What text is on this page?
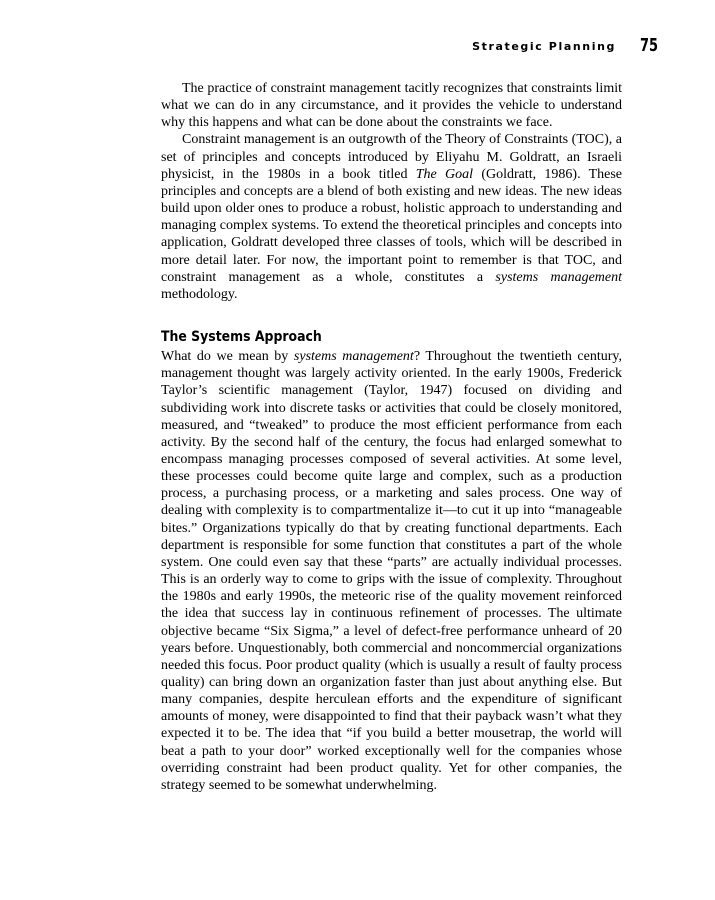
Strategic Planning 75

The practice of constraint management tacitly recognizes that constraints limit what we can do in any circumstance, and it provides the vehicle to understand why this happens and what can be done about the constraints we face.

Constraint management is an outgrowth of the Theory of Constraints (TOC), a set of principles and concepts introduced by Eliyahu M. Goldratt, an Israeli physicist, in the 1980s in a book titled The Goal (Goldratt, 1986). These principles and concepts are a blend of both existing and new ideas. The new ideas build upon older ones to produce a robust, holistic approach to understanding and managing complex systems. To extend the theoretical principles and concepts into application, Goldratt developed three classes of tools, which will be described in more detail later. For now, the important point to remember is that TOC, and constraint management as a whole, constitutes a systems management methodology.

The Systems Approach

What do we mean by systems management? Throughout the twentieth century, management thought was largely activity oriented. In the early 1900s, Frederick Taylor’s scientific management (Taylor, 1947) focused on dividing and subdividing work into discrete tasks or activities that could be closely monitored, measured, and “tweaked” to produce the most efficient performance from each activity. By the second half of the century, the focus had enlarged somewhat to encompass managing processes composed of several activities. At some level, these processes could become quite large and complex, such as a production process, a purchasing process, or a marketing and sales process. One way of dealing with complexity is to compartmentalize it—to cut it up into “manageable bites.” Organizations typically do that by creating functional departments. Each department is responsible for some function that constitutes a part of the whole system. One could even say that these “parts” are actually individual processes. This is an orderly way to come to grips with the issue of complexity. Throughout the 1980s and early 1990s, the meteoric rise of the quality movement reinforced the idea that success lay in continuous refinement of processes. The ultimate objective became “Six Sigma,” a level of defect-free performance unheard of 20 years before. Unquestionably, both commercial and noncommercial organizations needed this focus. Poor product quality (which is usually a result of faulty process quality) can bring down an organization faster than just about anything else. But many companies, despite herculean efforts and the expenditure of significant amounts of money, were disappointed to find that their payback wasn’t what they expected it to be. The idea that “if you build a better mousetrap, the world will beat a path to your door” worked exceptionally well for the companies whose overriding constraint had been product quality. Yet for other companies, the strategy seemed to be somewhat underwhelming.
